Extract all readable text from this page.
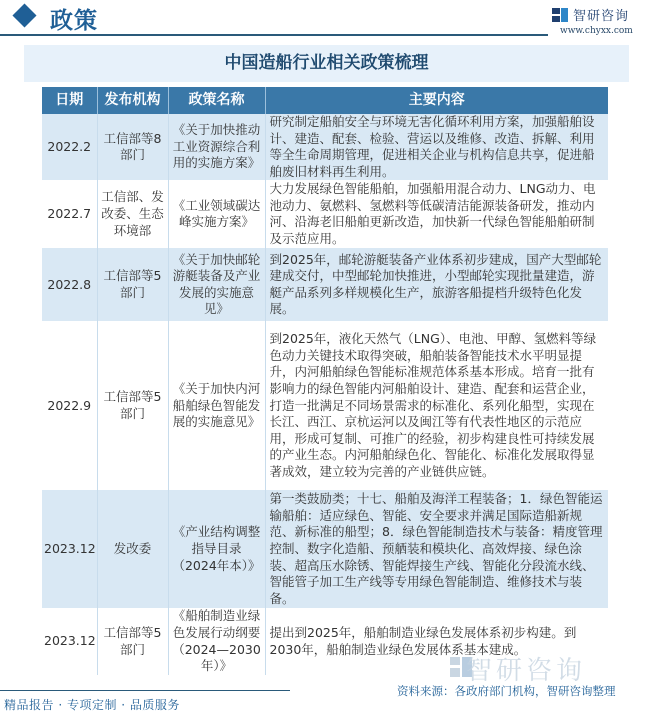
政策	智研咨询
www.chyxx.com
中国造船行业相关政策梳理
日期	发布机构	政策名称	主要内容
2022.2	工信部等8部门	《关于加快推动工业资源综合利用的实施方案》	研究制定船舶安全与环境无害化循环利用方案，加强船舶设计、建造、配套、检验、营运以及维修、改造、拆解、利用等全生命周期管理，促进相关企业与机构信息共享，促进船舶废旧材料再生利用。
2022.7	工信部、发改委、生态环境部	《工业领域碳达峰实施方案》	大力发展绿色智能船舶，加强船用混合动力、LNG动力、电池动力、氨燃料、氢燃料等低碳清洁能源装备研发，推动内河、沿海老旧船舶更新改造，加快新一代绿色智能船舶研制及示范应用。
2022.8	工信部等5部门	《关于加快邮轮游艇装备及产业发展的实施意见》	到2025年，邮轮游艇装备产业体系初步建成，国产大型邮轮建成交付，中型邮轮加快推进，小型邮轮实现批量建造，游艇产品系列多样规模化生产，旅游客船提档升级特色化发展。
2022.9	工信部等5部门	《关于加快内河船舶绿色智能发展的实施意见》	到2025年，液化天然气（LNG）、电池、甲醇、氢燃料等绿色动力关键技术取得突破，船舶装备智能技术水平明显提升，内河船舶绿色智能标准规范体系基本形成。培育一批有影响力的绿色智能内河船舶设计、建造、配套和运营企业，打造一批满足不同场景需求的标准化、系列化船型，实现在长江、西江、京杭运河以及闽江等有代表性地区的示范应用，形成可复制、可推广的经验，初步构建良性可持续发展的产业生态。内河船舶绿色化、智能化、标准化发展取得显著成效，建立较为完善的产业链供应链。
2023.12	发改委	《产业结构调整指导目录（2024年本）》	第一类鼓励类；十七、船舶及海洋工程装备；1．绿色智能运输船舶：适应绿色、智能、安全要求并满足国际造船新规范、新标准的船型；8．绿色智能制造技术与装备：精度管理控制、数字化造船、预舾装和模块化、高效焊接、绿色涂装、超高压水除锈、智能焊接生产线、智能化分段流水线、智能管子加工生产线等专用绿色智能制造、维修技术与装备。
2023.12	工信部等5部门	《船舶制造业绿色发展行动纲要（2024—2030年）》	提出到2025年，船舶制造业绿色发展体系初步构建。到2030年，船舶制造业绿色发展体系基本建成。
智研咨询
精品报告 · 专项定制 · 品质服务
资料来源：各政府部门机构，智研咨询整理
